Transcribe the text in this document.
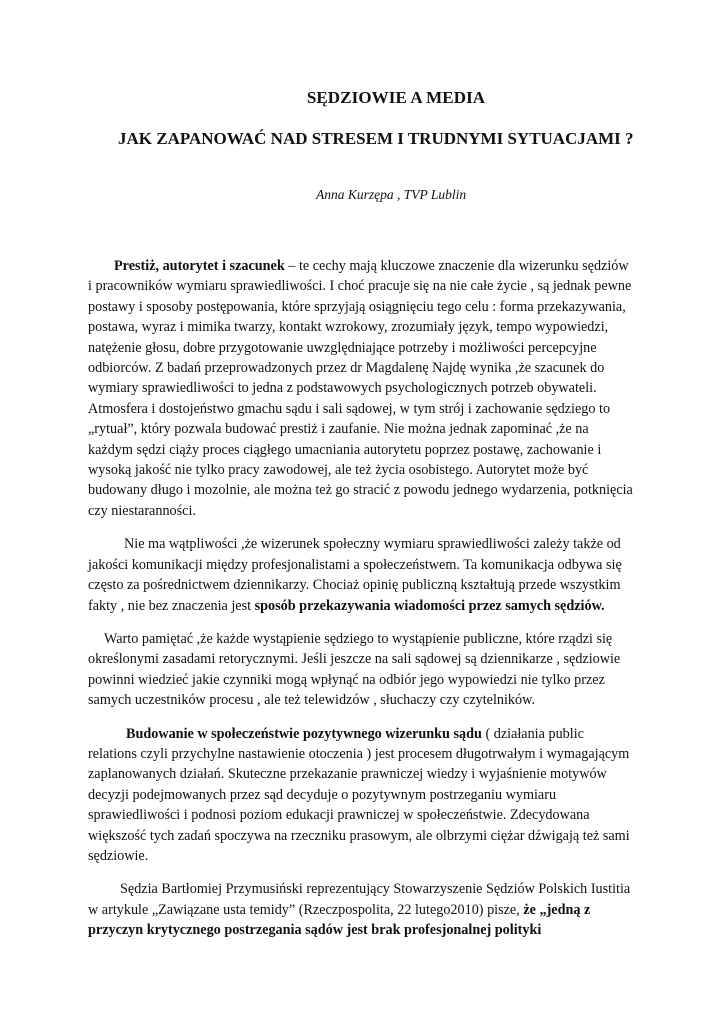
SĘDZIOWIE A MEDIA
JAK ZAPANOWAĆ NAD STRESEM I TRUDNYMI SYTUACJAMI ?
Anna Kurzępa , TVP Lublin

Prestiż, autorytet i szacunek – te cechy mają kluczowe znaczenie dla wizerunku sędziów i pracowników wymiaru sprawiedliwości. I choć pracuje się na nie całe życie , są jednak pewne postawy i sposoby postępowania, które sprzyjają osiągnięciu tego celu : forma przekazywania, postawa, wyraz i mimika twarzy, kontakt wzrokowy, zrozumiały język, tempo wypowiedzi, natężenie głosu, dobre przygotowanie uwzględniające potrzeby i możliwości percepcyjne odbiorców. Z badań przeprowadzonych przez dr Magdalenę Najdę wynika ,że szacunek do wymiary sprawiedliwości to jedna z podstawowych psychologicznych potrzeb obywateli. Atmosfera i dostojeństwo gmachu sądu i sali sądowej, w tym strój i zachowanie sędziego to „rytuał”, który pozwala budować prestiż i zaufanie. Nie można jednak zapominać ,że na każdym sędzi ciąży proces ciągłego umacniania autorytetu poprzez postawę, zachowanie i wysoką jakość nie tylko pracy zawodowej, ale też życia osobistego. Autorytet może być budowany długo i mozolnie, ale można też go stracić z powodu jednego wydarzenia, potknięcia czy niestaranności.

Nie ma wątpliwości ,że wizerunek społeczny wymiaru sprawiedliwości zależy także od jakości komunikacji między profesjonalistami a społeczeństwem. Ta komunikacja odbywa się często za pośrednictwem dziennikarzy. Chociaż opinię publiczną kształtują przede wszystkim fakty , nie bez znaczenia jest sposób przekazywania wiadomości przez samych sędziów.

Warto pamiętać ,że każde wystąpienie sędziego to wystąpienie publiczne, które rządzi się określonymi zasadami retorycznymi. Jeśli jeszcze na sali sądowej są dziennikarze , sędziowie powinni wiedzieć jakie czynniki mogą wpłynąć na odbiór jego wypowiedzi nie tylko przez samych uczestników procesu , ale też telewidzów , słuchaczy czy czytelników.

Budowanie w społeczeństwie pozytywnego wizerunku sądu ( działania public relations czyli przychylne nastawienie otoczenia ) jest procesem długotrwałym i wymagającym zaplanowanych działań. Skuteczne przekazanie prawniczej wiedzy i wyjaśnienie motywów decyzji podejmowanych przez sąd decyduje o pozytywnym postrzeganiu wymiaru sprawiedliwości i podnosi poziom edukacji prawniczej w społeczeństwie. Zdecydowana większość tych zadań spoczywa na rzeczniku prasowym, ale olbrzymi ciężar dźwigają też sami sędziowie.

Sędzia Bartłomiej Przymusiński reprezentujący Stowarzyszenie Sędziów Polskich Iustitia w artykule „Zawiązane usta temidy” (Rzeczpospolita, 22 lutego2010) pisze, że „jedną z przyczyn krytycznego postrzegania sądów jest brak profesjonalnej polityki
